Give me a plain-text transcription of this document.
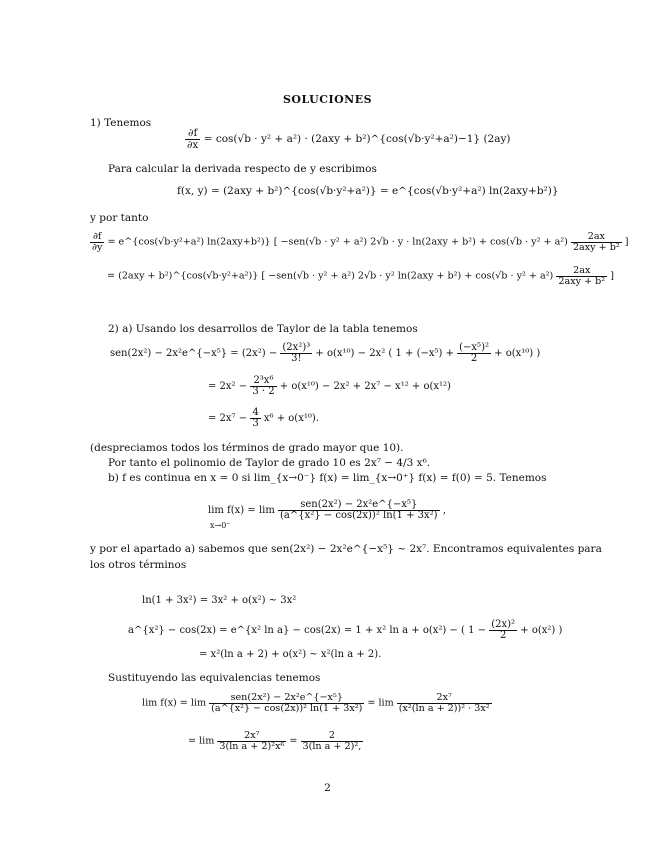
SOLUCIONES
1) Tenemos
$\frac{\partial f}{\partial x} = \cos(√b \cdot y^2 + a^2) \cdot (2axy$ + b²)^{cos(√b·y²+a²)−1} (2ay)
Para calcular la derivada respecto de y escribimos
f(x, y) = (2axy + b²)^{cos(√b·y²+a²)} = e^{cos(√b·y²+a²) ln(2axy+b²)}
y por tanto
$\frac{\partial f}{\partial y}$ = e^{cos(√b·y²+a²) ln(2axy+b²)} [ −sen(√b · y² + a²) $2√b \cdot y \cdot \ln(2axy + b^2) + \cos(√b \cdot y^2 + a^2) \frac{2ax}{\text{2axy + b²}}$ ]
= (2axy + b²)^{cos(√b·y²+a²)} [ −sen(√b · y² + a²) 2√b · y² $\ln(2axy + b^2) + \cos(√b \cdot y^2 + a^2) \frac{2ax}{\text{2axy + b²}}$ ]
2) a) Usando los desarrollos de Taylor de la tabla tenemos
sen(2x²) − 2x²e^{−x⁵} = $(2x^2) - \frac{\text{(2x²)³}}{3!} + o(x^{10}) - 2x^2$ ( $1 + (-x^5) + \frac{\text{(−x⁵)²}}{2} + o(x^{10})$ )
= $2x^2 - \frac{\text{2³x⁶}}{3 \cdot 2} + o(x^{10}) - 2x^2 + 2x^7 - x^{12} + o(x^{12})$
= $2x^7 - \frac{4}{3} x^6 + o(x^{10})$.
(despreciamos todos los términos de grado mayor que 10).
Por tanto el polinomio de Taylor de grado 10 es 2x⁷ − 4/3 x⁶.
b) f es continua en x = 0 si lim_{x→0⁻} f(x) = lim_{x→0⁺} f(x) = f(0) = 5. Tenemos
$\lim f(x) = \lim \frac{\text{sen(2x²) − 2x²e\textasciicircum{}\{−x⁵\}}}{\text{(a\textasciicircum{}\{x²\} − cos(2x))² ln(1 + 3x²)}}$ ,
x→0⁻
y por el apartado a) sabemos que sen(2x²) − 2x²e^{−x⁵} ~ 2x⁷. Encontramos equivalentes para
los otros términos
ln(1 + 3x²) = 3x² + o(x²) ~ 3x²
a^{x²} − cos(2x) = e^{x² ln a} − cos(2x) = 1 + x² ln a + o(x²) − ( $1 - \frac{\text{(2x)²}}{2} + o(x^2)$ )
= x²(ln a + 2) + o(x²) ~ x²(ln a + 2).
Sustituyendo las equivalencias tenemos
$\lim f(x) = \lim \frac{\text{sen(2x²) − 2x²e\textasciicircum{}\{−x⁵\}}}{\text{(a\textasciicircum{}\{x²\} − cos(2x))² ln(1 + 3x²)}} = \lim \frac{\text{2x⁷}}{\text{(x²(ln a + 2))² · 3x²}}$
= $\lim \frac{\text{2x⁷}}{\text{3(ln a + 2)²x⁶}} = \frac{2}{\text{3(ln a + 2)²,}}$
2
